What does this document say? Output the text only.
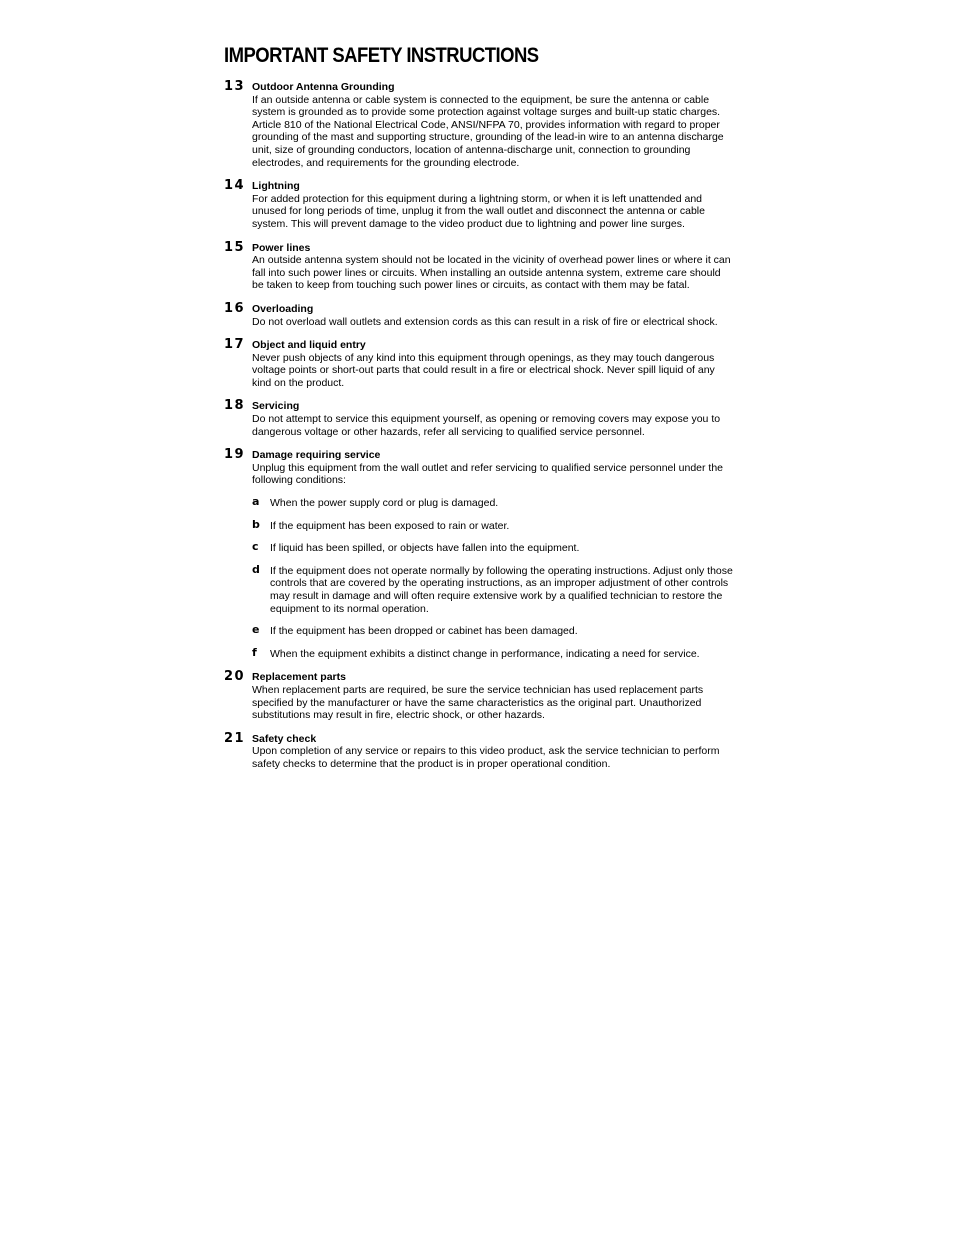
IMPORTANT SAFETY INSTRUCTIONS
13 Outdoor Antenna Grounding
If an outside antenna or cable system is connected to the equipment, be sure the antenna or cable system is grounded as to provide some protection against voltage surges and built-up static charges. Article 810 of the National Electrical Code, ANSI/NFPA 70, provides information with regard to proper grounding of the mast and supporting structure, grounding of the lead-in wire to an antenna discharge unit, size of grounding conductors, location of antenna-discharge unit, connection to grounding electrodes, and requirements for the grounding electrode.
14 Lightning
For added protection for this equipment during a lightning storm, or when it is left unattended and unused for long periods of time, unplug it from the wall outlet and disconnect the antenna or cable system. This will prevent damage to the video product due to lightning and power line surges.
15 Power lines
An outside antenna system should not be located in the vicinity of overhead power lines or where it can fall into such power lines or circuits. When installing an outside antenna system, extreme care should be taken to keep from touching such power lines or circuits, as contact with them may be fatal.
16 Overloading
Do not overload wall outlets and extension cords as this can result in a risk of fire or electrical shock.
17 Object and liquid entry
Never push objects of any kind into this equipment through openings, as they may touch dangerous voltage points or short-out parts that could result in a fire or electrical shock. Never spill liquid of any kind on the product.
18 Servicing
Do not attempt to service this equipment yourself, as opening or removing covers may expose you to dangerous voltage or other hazards, refer all servicing to qualified service personnel.
19 Damage requiring service
Unplug this equipment from the wall outlet and refer servicing to qualified service personnel under the following conditions:
a When the power supply cord or plug is damaged.
b If the equipment has been exposed to rain or water.
c If liquid has been spilled, or objects have fallen into the equipment.
d If the equipment does not operate normally by following the operating instructions. Adjust only those controls that are covered by the operating instructions, as an improper adjustment of other controls may result in damage and will often require extensive work by a qualified technician to restore the equipment to its normal operation.
e If the equipment has been dropped or cabinet has been damaged.
f When the equipment exhibits a distinct change in performance, indicating a need for service.
20 Replacement parts
When replacement parts are required, be sure the service technician has used replacement parts specified by the manufacturer or have the same characteristics as the original part. Unauthorized substitutions may result in fire, electric shock, or other hazards.
21 Safety check
Upon completion of any service or repairs to this video product, ask the service technician to perform safety checks to determine that the product is in proper operational condition.
